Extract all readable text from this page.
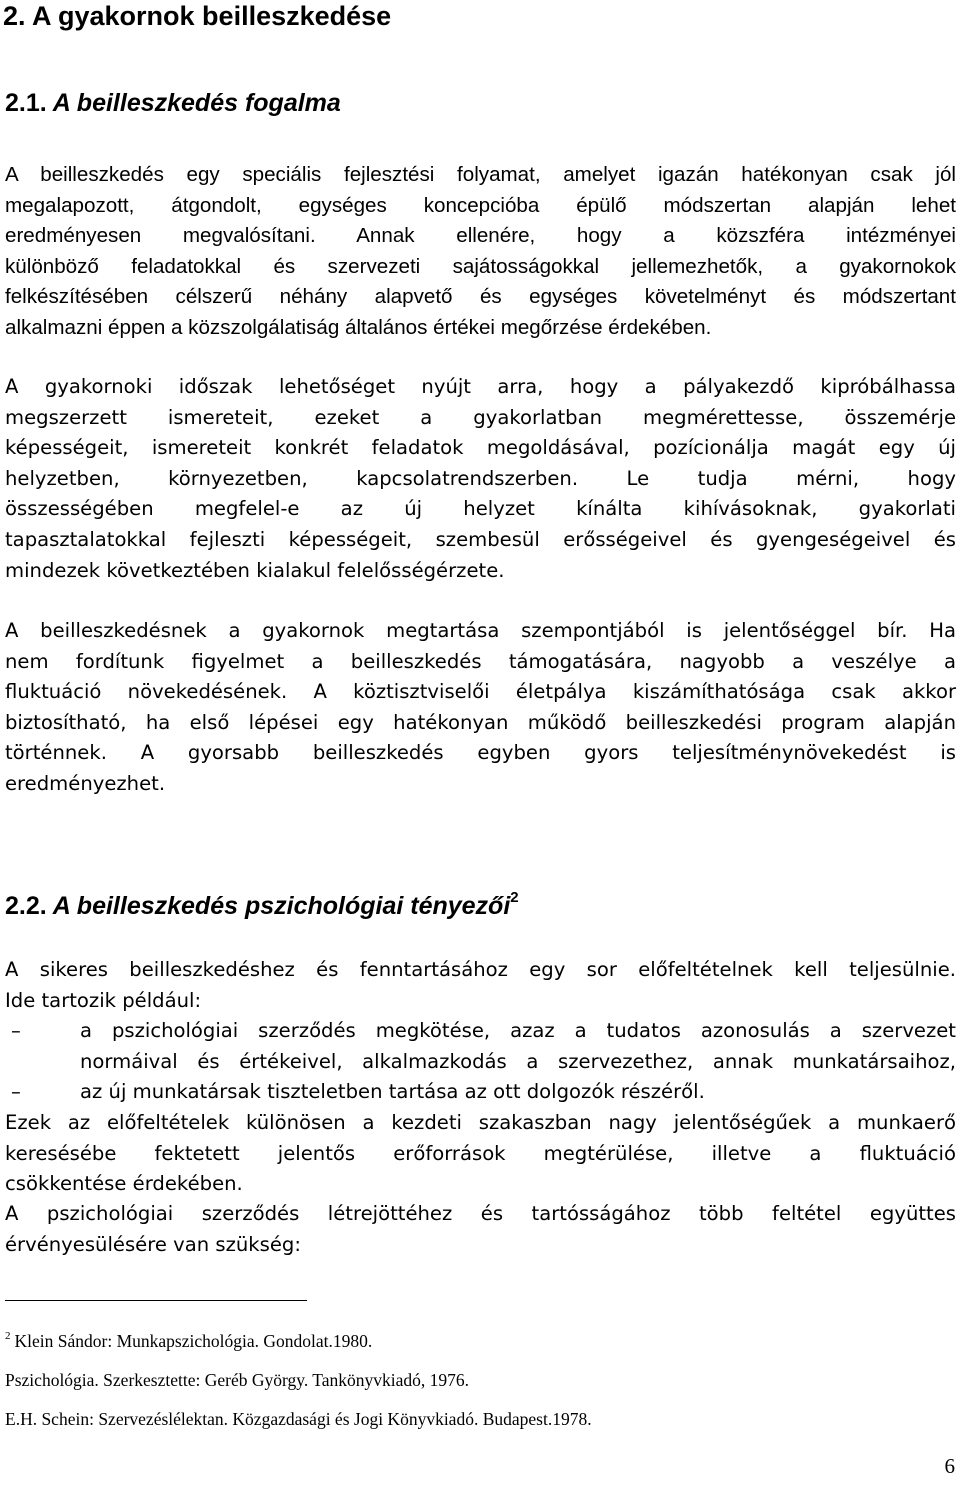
2. A gyakornok beilleszkedése
2.1. A beilleszkedés fogalma
A beilleszkedés egy speciális fejlesztési folyamat, amelyet igazán hatékonyan csak jól
megalapozott, átgondolt, egységes koncepcióba épülő módszertan alapján lehet
eredményesen megvalósítani. Annak ellenére, hogy a közszféra intézményei
különböző feladatokkal és szervezeti sajátosságokkal jellemezhetők, a gyakornokok
felkészítésében célszerű néhány alapvető és egységes követelményt és módszertant
alkalmazni éppen a közszolgálatiság általános értékei megőrzése érdekében.
A gyakornoki időszak lehetőséget nyújt arra, hogy a pályakezdő kipróbálhassa
megszerzett ismereteit, ezeket a gyakorlatban megmérettesse, összemérje
képességeit, ismereteit konkrét feladatok megoldásával, pozícionálja magát egy új
helyzetben, környezetben, kapcsolatrendszerben. Le tudja mérni, hogy
összességében megfelel-e az új helyzet kínálta kihívásoknak, gyakorlati
tapasztalatokkal fejleszti képességeit, szembesül erősségeivel és gyengeségeivel és
mindezek következtében kialakul felelősségérzete.
A beilleszkedésnek a gyakornok megtartása szempontjából is jelentőséggel bír. Ha
nem fordítunk figyelmet a beilleszkedés támogatására, nagyobb a veszélye a
fluktuáció növekedésének. A köztisztviselői életpálya kiszámíthatósága csak akkor
biztosítható, ha első lépései egy hatékonyan működő beilleszkedési program alapján
történnek. A gyorsabb beilleszkedés egyben gyors teljesítménynövekedést is
eredményezhet.
2.2. A beilleszkedés pszichológiai tényezői$^2$
A sikeres beilleszkedéshez és fenntartásához egy sor előfeltételnek kell teljesülnie.
Ide tartozik például:
–	a pszichológiai szerződés megkötése, azaz a tudatos azonosulás a szervezet
normáival és értékeivel, alkalmazkodás a szervezethez, annak munkatársaihoz,
–	az új munkatársak tiszteletben tartása az ott dolgozók részéről.
Ezek az előfeltételek különösen a kezdeti szakaszban nagy jelentőségűek a munkaerő
keresésébe fektetett jelentős erőforrások megtérülése, illetve a fluktuáció
csökkentése érdekében.
A pszichológiai szerződés létrejöttéhez és tartósságához több feltétel együttes
érvényesülésére van szükség:
$^2$ Klein Sándor: Munkapszichológia. Gondolat.1980.
Pszichológia. Szerkesztette: Geréb György. Tankönyvkiadó, 1976.
E.H. Schein: Szervezéslélektan. Közgazdasági és Jogi Könyvkiadó. Budapest.1978.
6
